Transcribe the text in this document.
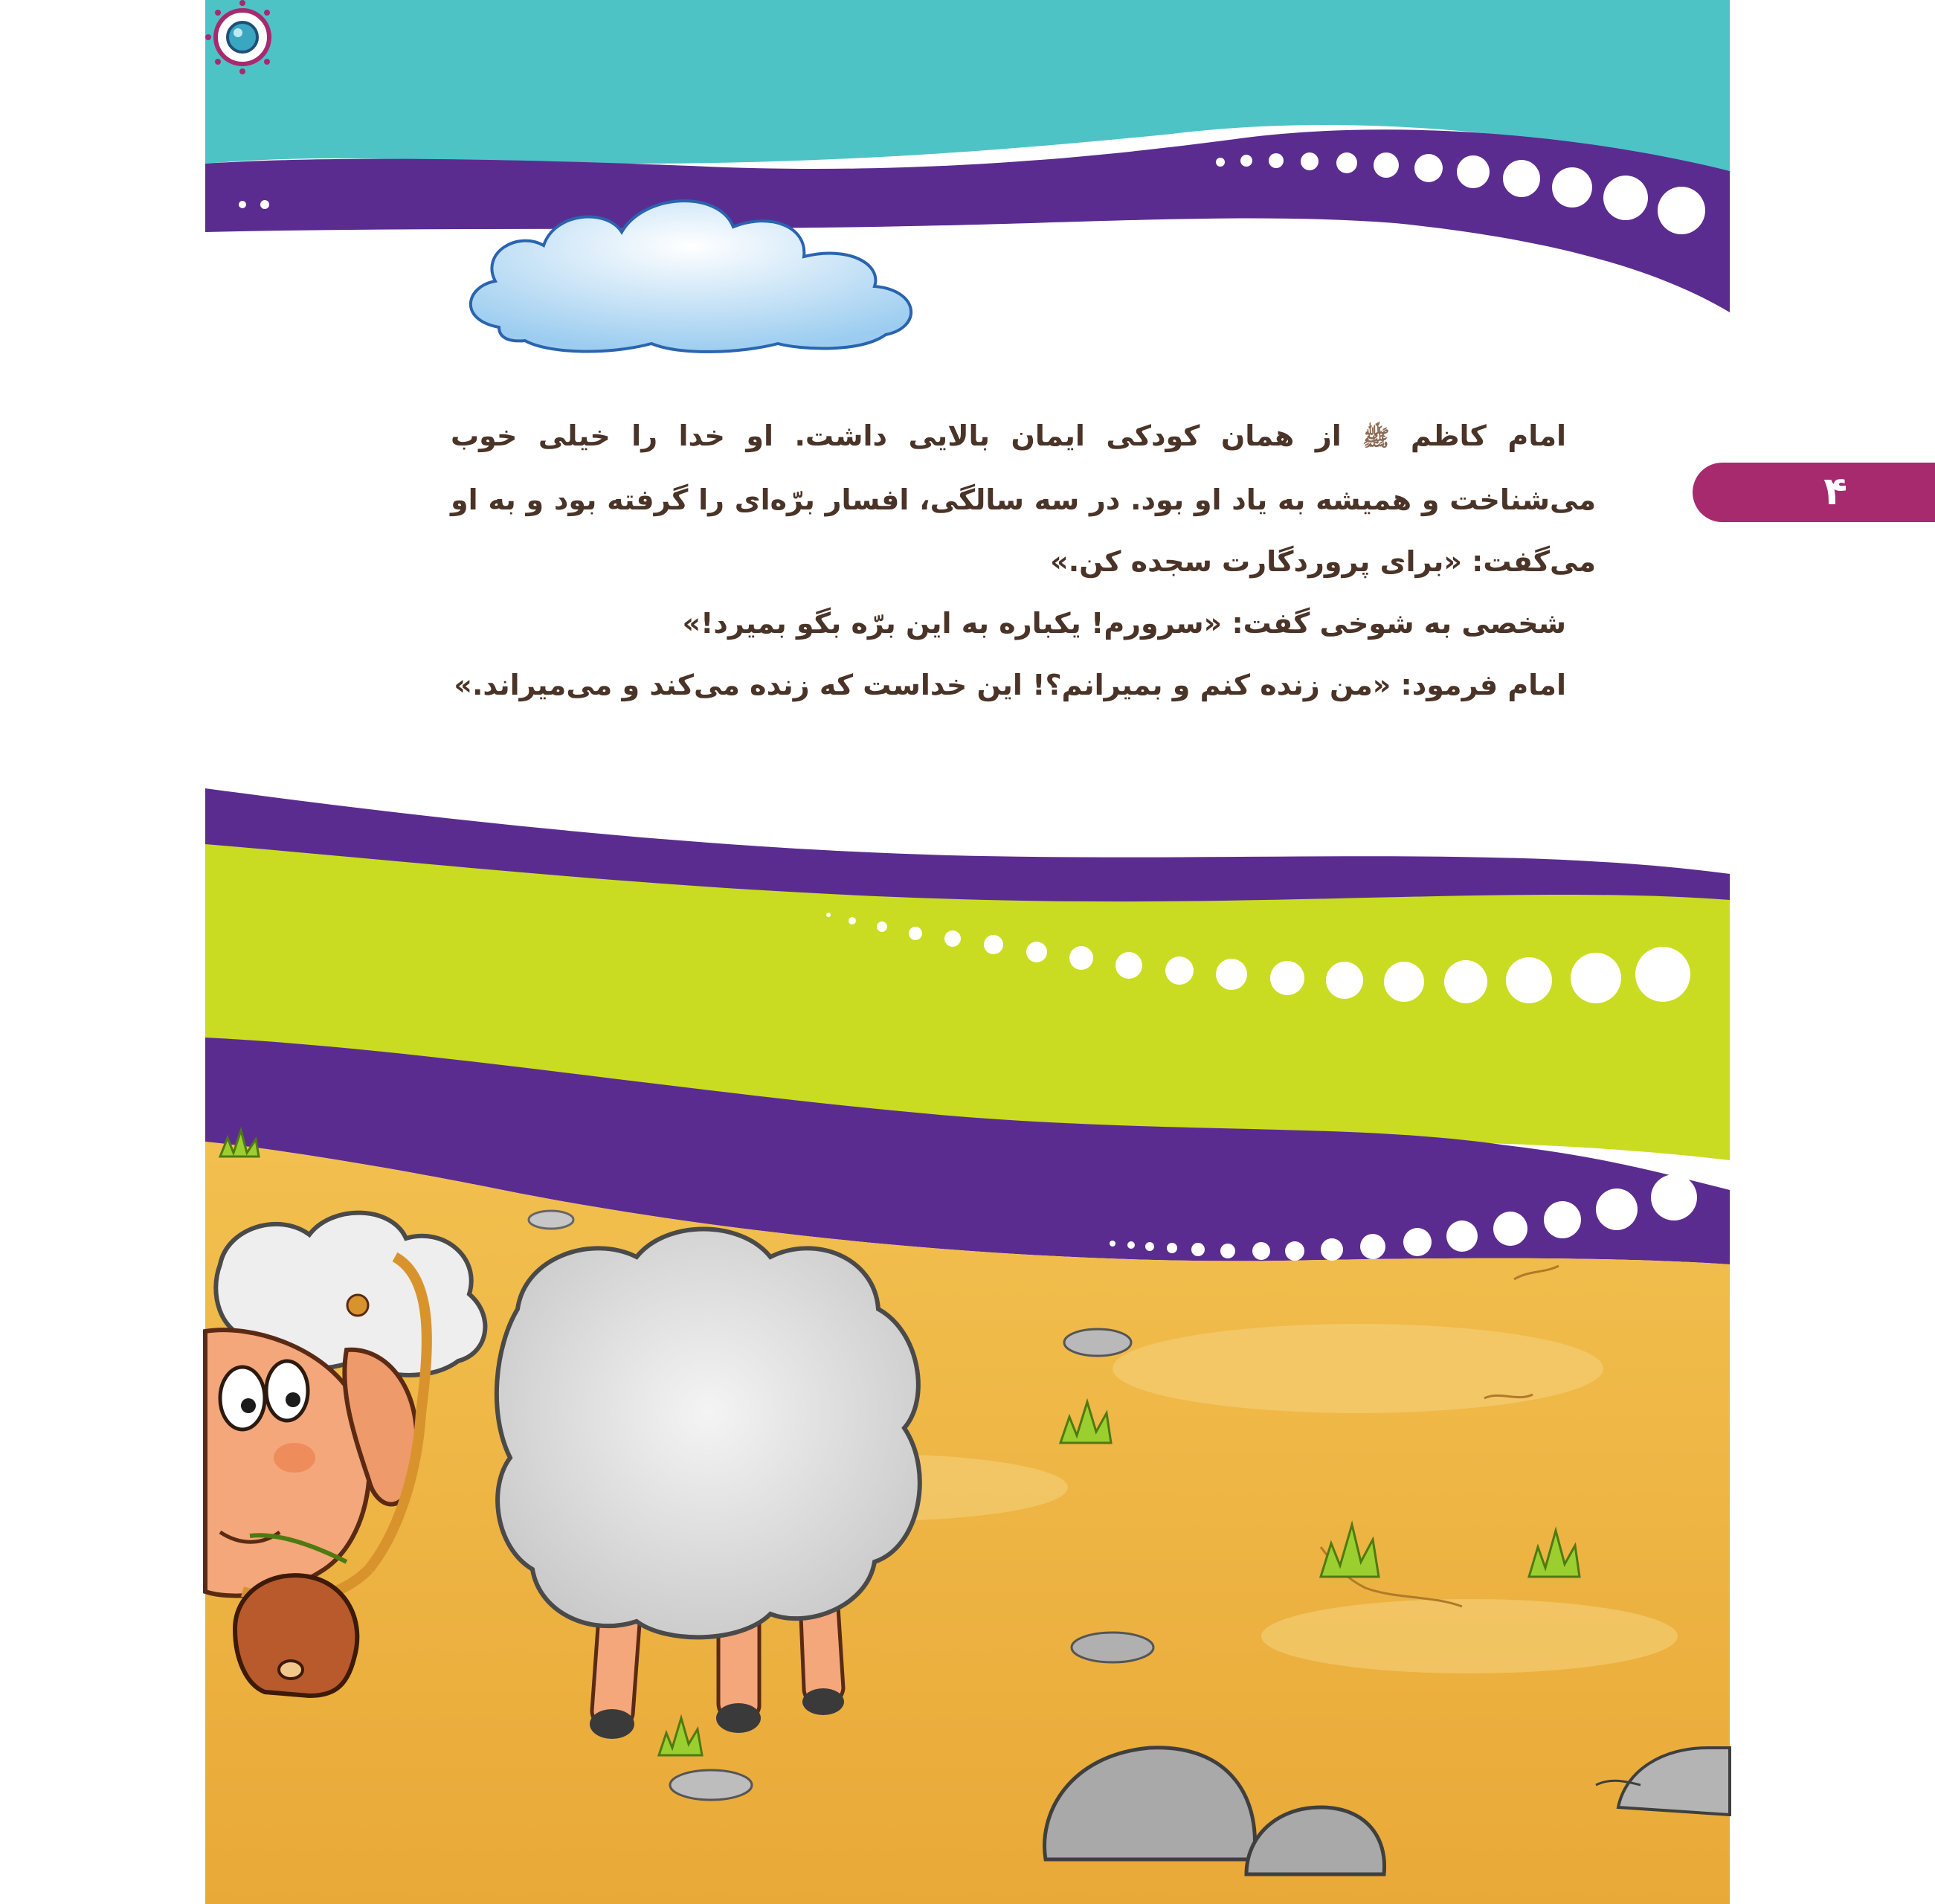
۴

امام کاظم ﷺ از همان کودکی ایمان بالایی داشت. او خدا را خیلی خوب می‌شناخت و همیشه به یاد او بود. در سه سالگی، افسار برّه‌ای را گرفته بود و به او می‌گفت: «برای پروردگارت سجده کن.»

شخصی به شوخی گفت: «سرورم! یکباره به این برّه بگو بمیرد!»

امام فرمود: «من زنده کنم و بمیرانم؟! این خداست که زنده می‌کند و می‌میراند.»
